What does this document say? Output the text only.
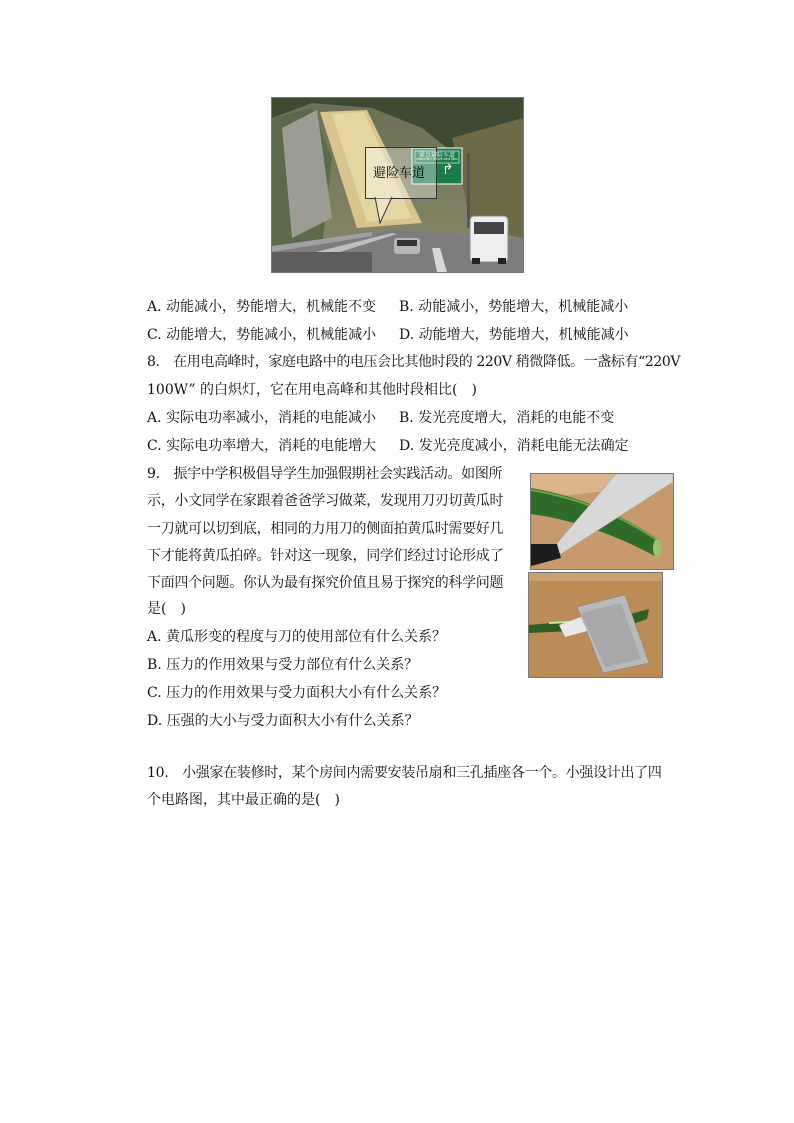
避险车道
紧急避险车道
EMERGENCY ESCAPE RAMP AREA
↱
A. 动能减小，势能增大，机械能不变 B. 动能减小，势能增大，机械能减小
C. 动能增大，势能减小，机械能减小 D. 动能增大，势能增大，机械能减小
8.　在用电高峰时，家庭电路中的电压会比其他时段的 220V 稍微降低。一盏标有“220V
100W” 的白炽灯，它在用电高峰和其他时段相比(　)
A. 实际电功率减小，消耗的电能减小 B. 发光亮度增大，消耗的电能不变
C. 实际电功率增大，消耗的电能增大 D. 发光亮度减小，消耗电能无法确定
9.　振宇中学积极倡导学生加强假期社会实践活动。如图所
示，小文同学在家跟着爸爸学习做菜，发现用刀刃切黄瓜时
一刀就可以切到底，相同的力用刀的侧面拍黄瓜时需要好几
下才能将黄瓜拍碎。针对这一现象，同学们经过讨论形成了
下面四个问题。你认为最有探究价值且易于探究的科学问题
是(　)
A. 黄瓜形变的程度与刀的使用部位有什么关系？
B. 压力的作用效果与受力部位有什么关系？
C. 压力的作用效果与受力面积大小有什么关系？
D. 压强的大小与受力面积大小有什么关系？
10.　小强家在装修时，某个房间内需要安装吊扇和三孔插座各一个。小强设计出了四
个电路图，其中最正确的是(　)
